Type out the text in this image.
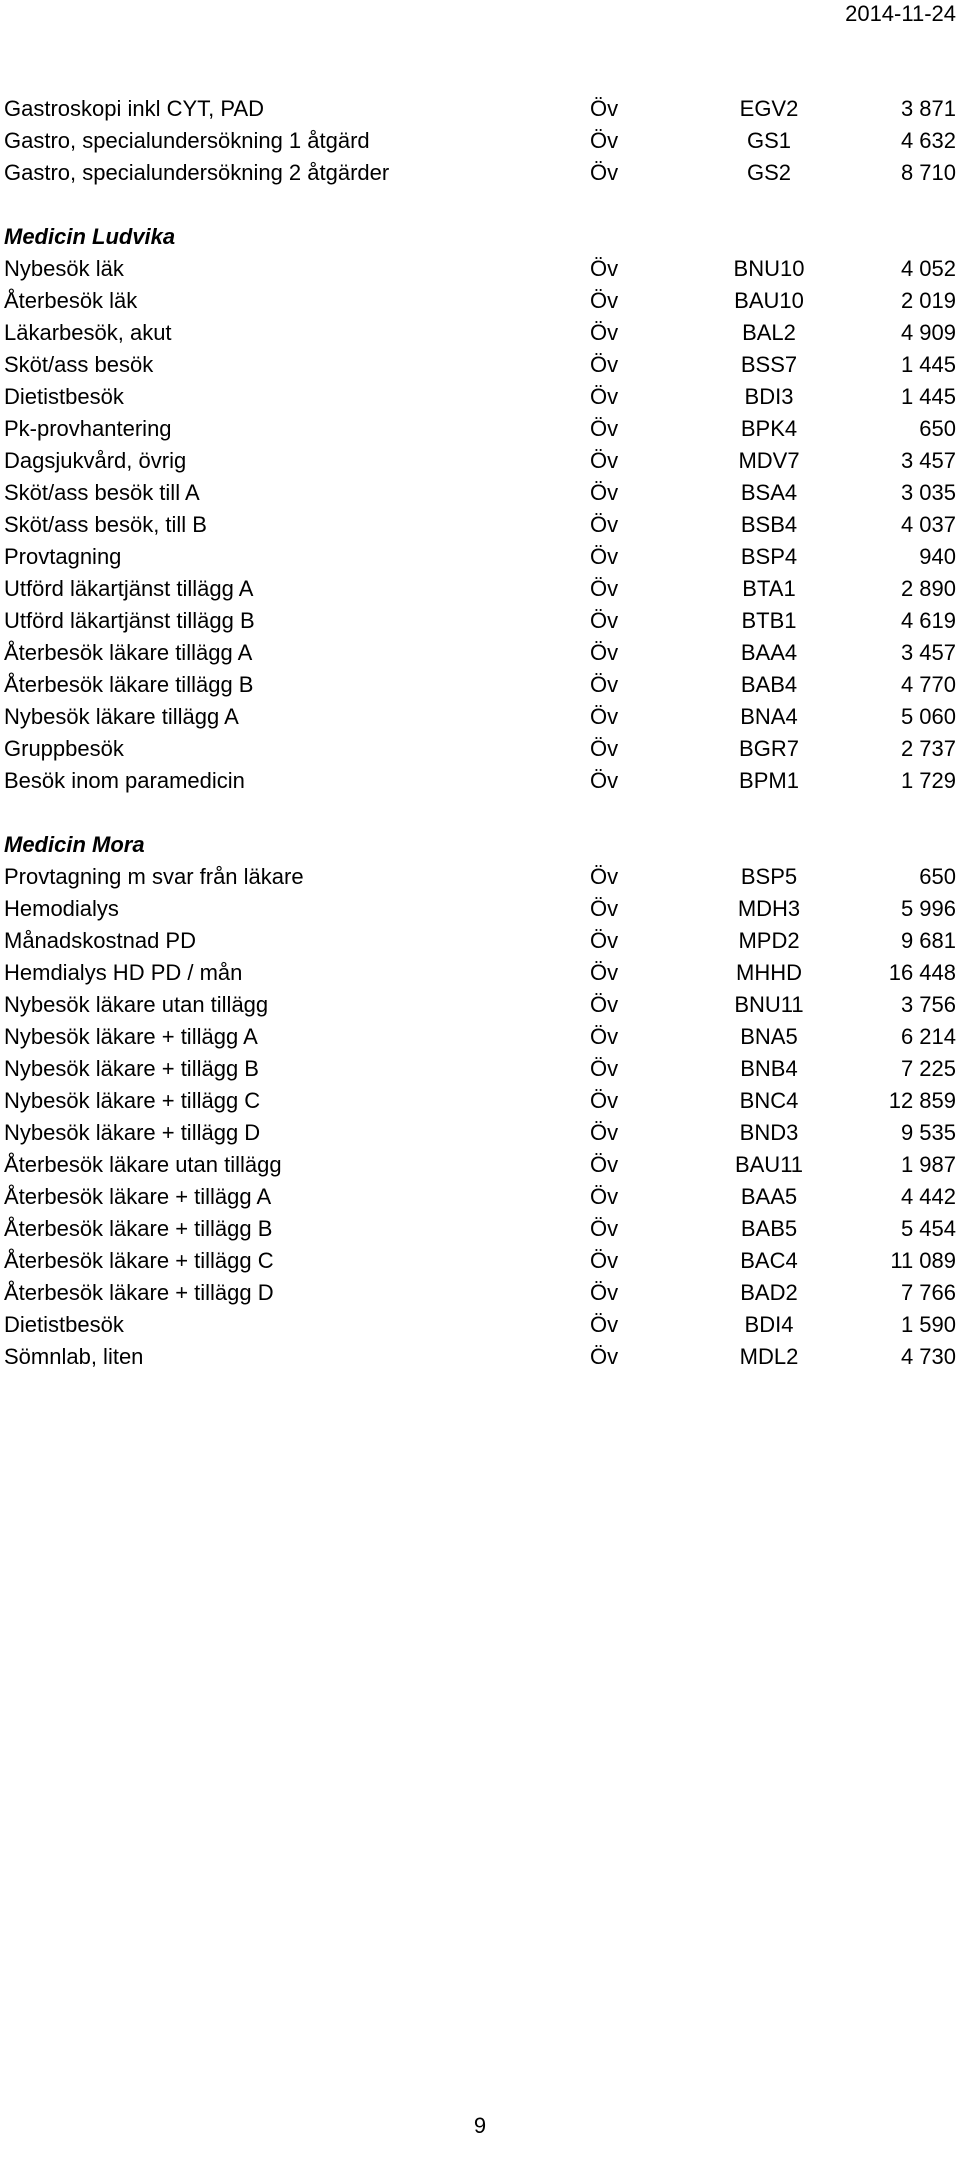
2014-11-24
Gastroskopi inkl CYT, PAD	Öv	EGV2	3 871
Gastro, specialundersökning 1 åtgärd	Öv	GS1	4 632
Gastro, specialundersökning 2 åtgärder	Öv	GS2	8 710
Medicin Ludvika
Nybesök läk	Öv	BNU10	4 052
Återbesök läk	Öv	BAU10	2 019
Läkarbesök, akut	Öv	BAL2	4 909
Sköt/ass besök	Öv	BSS7	1 445
Dietistbesök	Öv	BDI3	1 445
Pk-provhantering	Öv	BPK4	650
Dagsjukvård, övrig	Öv	MDV7	3 457
Sköt/ass besök till A	Öv	BSA4	3 035
Sköt/ass besök, till B	Öv	BSB4	4 037
Provtagning	Öv	BSP4	940
Utförd läkartjänst tillägg A	Öv	BTA1	2 890
Utförd läkartjänst tillägg B	Öv	BTB1	4 619
Återbesök läkare tillägg A	Öv	BAA4	3 457
Återbesök läkare tillägg B	Öv	BAB4	4 770
Nybesök läkare tillägg A	Öv	BNA4	5 060
Gruppbesök	Öv	BGR7	2 737
Besök inom paramedicin	Öv	BPM1	1 729
Medicin Mora
Provtagning m svar från läkare	Öv	BSP5	650
Hemodialys	Öv	MDH3	5 996
Månadskostnad PD	Öv	MPD2	9 681
Hemdialys HD PD / mån	Öv	MHHD	16 448
Nybesök läkare utan tillägg	Öv	BNU11	3 756
Nybesök läkare + tillägg A	Öv	BNA5	6 214
Nybesök läkare + tillägg B	Öv	BNB4	7 225
Nybesök läkare + tillägg C	Öv	BNC4	12 859
Nybesök läkare + tillägg D	Öv	BND3	9 535
Återbesök läkare utan tillägg	Öv	BAU11	1 987
Återbesök läkare + tillägg A	Öv	BAA5	4 442
Återbesök läkare + tillägg B	Öv	BAB5	5 454
Återbesök läkare + tillägg C	Öv	BAC4	11 089
Återbesök läkare + tillägg D	Öv	BAD2	7 766
Dietistbesök	Öv	BDI4	1 590
Sömnlab, liten	Öv	MDL2	4 730
9
